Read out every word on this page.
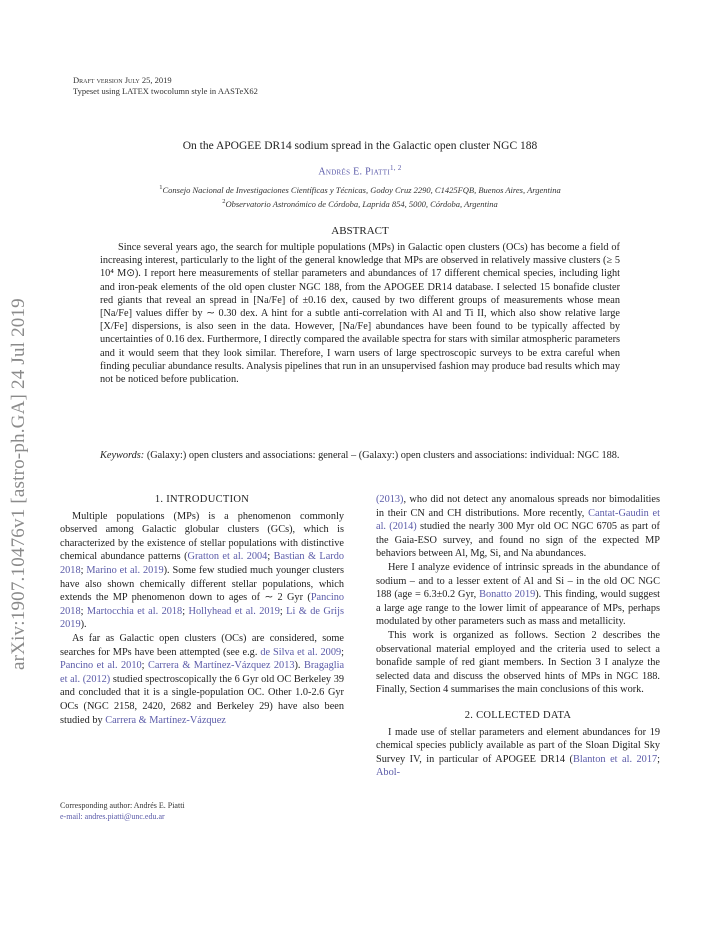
arXiv:1907.10476v1 [astro-ph.GA] 24 Jul 2019
Draft version July 25, 2019
Typeset using LATEX twocolumn style in AASTeX62
On the APOGEE DR14 sodium spread in the Galactic open cluster NGC 188
Andrés E. Piatti$^{1, 2}$
$^1$Consejo Nacional de Investigaciones Científicas y Técnicas, Godoy Cruz 2290, C1425FQB, Buenos Aires, Argentina
$^2$Observatorio Astronómico de Córdoba, Laprida 854, 5000, Córdoba, Argentina
ABSTRACT

Since several years ago, the search for multiple populations (MPs) in Galactic open clusters (OCs) has become a field of increasing interest, particularly to the light of the general knowledge that MPs are observed in relatively massive clusters (≥ 5 10⁴ M⊙). I report here measurements of stellar parameters and abundances of 17 different chemical species, including light and iron-peak elements of the old open cluster NGC 188, from the APOGEE DR14 database. I selected 15 bonafide cluster red giants that reveal an spread in [Na/Fe] of ±0.16 dex, caused by two different groups of measurements whose mean [Na/Fe] values differ by ∼ 0.30 dex. A hint for a subtle anti-correlation with Al and Ti II, which also show relative large [X/Fe] dispersions, is also seen in the data. However, [Na/Fe] abundances have been found to be typically affected by uncertainties of 0.16 dex. Furthermore, I directly compared the available spectra for stars with similar atmospheric parameters and it would seem that they look similar. Therefore, I warn users of large spectroscopic surveys to be extra careful when finding peculiar abundance results. Analysis pipelines that run in an unsupervised fashion may produce bad results which may not be noticed before publication.

Keywords: (Galaxy:) open clusters and associations: general – (Galaxy:) open clusters and associations: individual: NGC 188.
1. INTRODUCTION

Multiple populations (MPs) is a phenomenon commonly observed among Galactic globular clusters (GCs), which is characterized by the existence of stellar populations with distinctive chemical abundance patterns (Gratton et al. 2004; Bastian & Lardo 2018; Marino et al. 2019). Some few studied much younger clusters have also shown chemically different stellar populations, which extends the MP phenomenon down to ages of ∼ 2 Gyr (Pancino 2018; Martocchia et al. 2018; Hollyhead et al. 2019; Li & de Grijs 2019).

As far as Galactic open clusters (OCs) are considered, some searches for MPs have been attempted (see e.g. de Silva et al. 2009; Pancino et al. 2010; Carrera & Martínez-Vázquez 2013). Bragaglia et al. (2012) studied spectroscopically the 6 Gyr old OC Berkeley 39 and concluded that it is a single-population OC. Other 1.0-2.6 Gyr OCs (NGC 2158, 2420, 2682 and Berkeley 29) have also been studied by Carrera & Martínez-Vázquez

(2013), who did not detect any anomalous spreads nor bimodalities in their CN and CH distributions. More recently, Cantat-Gaudin et al. (2014) studied the nearly 300 Myr old OC NGC 6705 as part of the Gaia-ESO survey, and found no sign of the expected MP behaviors between Al, Mg, Si, and Na abundances.

Here I analyze evidence of intrinsic spreads in the abundance of sodium – and to a lesser extent of Al and Si – in the old OC NGC 188 (age = 6.3±0.2 Gyr, Bonatto 2019). This finding, would suggest a large age range to the lower limit of appearance of MPs, perhaps modulated by other parameters such as mass and metallicity.

This work is organized as follows. Section 2 describes the observational material employed and the criteria used to select a bonafide sample of red giant members. In Section 3 I analyze the selected data and discuss the observed hints of MPs in NGC 188. Finally, Section 4 summarises the main conclusions of this work.

2. COLLECTED DATA

I made use of stellar parameters and element abundances for 19 chemical species publicly available as part of the Sloan Digital Sky Survey IV, in particular of APOGEE DR14 (Blanton et al. 2017; Abol-

Corresponding author: Andrés E. Piatti
e-mail: andres.piatti@unc.edu.ar
